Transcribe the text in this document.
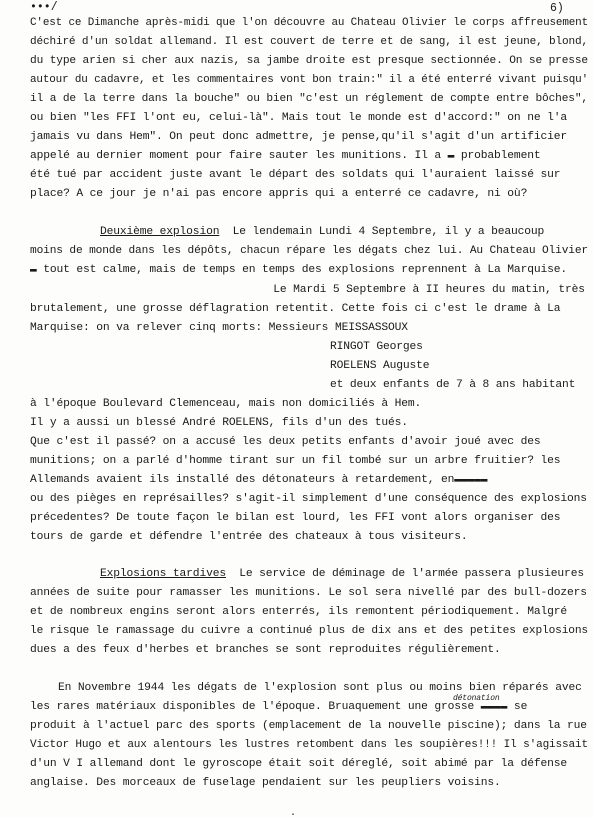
•••/	6)
C'est ce Dimanche après-midi que l'on découvre au Chateau Olivier le corps affreusement
déchiré d'un soldat allemand. Il est couvert de terre et de sang, il est jeune, blond,
du type arien si cher aux nazis, sa jambe droite est presque sectionnée. On se presse
autour du cadavre, et les commentaires vont bon train:" il a été enterré vivant puisqu'
il a de la terre dans la bouche" ou bien "c'est un réglement de compte entre bôches",
ou bien "les FFI l'ont eu, celui-là". Mais tout le monde est d'accord:" on ne l'a
jamais vu dans Hem". On peut donc admettre, je pense,qu'il s'agit d'un artificier
appelé au dernier moment pour faire sauter les munitions. Il a ▬ probablement
été tué par accident juste avant le départ des soldats qui l'auraient laissé sur
place? A ce jour je n'ai pas encore appris qui a enterré ce cadavre, ni où?
Deuxième explosion  Le lendemain Lundi 4 Septembre, il y a beaucoup
moins de monde dans les dépôts, chacun répare les dégats chez lui. Au Chateau Olivier
▬ tout est calme, mais de temps en temps des explosions reprennent à La Marquise.
Le Mardi 5 Septembre à II heures du matin, très
brutalement, une grosse déflagration retentit. Cette fois ci c'est le drame à La
Marquise: on va relever cinq morts: Messieurs MEISSASSOUX
RINGOT Georges
ROELENS Auguste
et deux enfants de 7 à 8 ans habitant
à l'époque Boulevard Clemenceau, mais non domiciliés à Hem.
Il y a aussi un blessé André ROELENS, fils d'un des tués.
Que c'est il passé? on a accusé les deux petits enfants d'avoir joué avec des
munitions; on a parlé d'homme tirant sur un fil tombé sur un arbre fruitier? les
Allemands avaient ils installé des détonateurs à retardement, en▬▬▬▬▬
ou des pièges en représailles? s'agit-il simplement d'une conséquence des explosions
précedentes? De toute façon le bilan est lourd, les FFI vont alors organiser des
tours de garde et défendre l'entrée des chateaux à tous visiteurs.
Explosions tardives  Le service de déminage de l'armée passera plusieures
années de suite pour ramasser les munitions. Le sol sera nivellé par des bull-dozers
et de nombreux engins seront alors enterrés, ils remontent périodiquement. Malgré
le risque le ramassage du cuivre a continué plus de dix ans et des petites explosions
dues a des feux d'herbes et branches se sont reproduites régulièrement.
En Novembre 1944 les dégats de l'explosion sont plus ou moins bien réparés avec
détonation
les rares matériaux disponibles de l'époque. Bruaquement une grosse ▬▬▬▬ se
produit à l'actuel parc des sports (emplacement de la nouvelle piscine); dans la rue
Victor Hugo et aux alentours les lustres retombent dans les soupières!!! Il s'agissait
d'un V I allemand dont le gyroscope était soit déreglé, soit abimé par la défense
anglaise. Des morceaux de fuselage pendaient sur les peupliers voisins.
.
